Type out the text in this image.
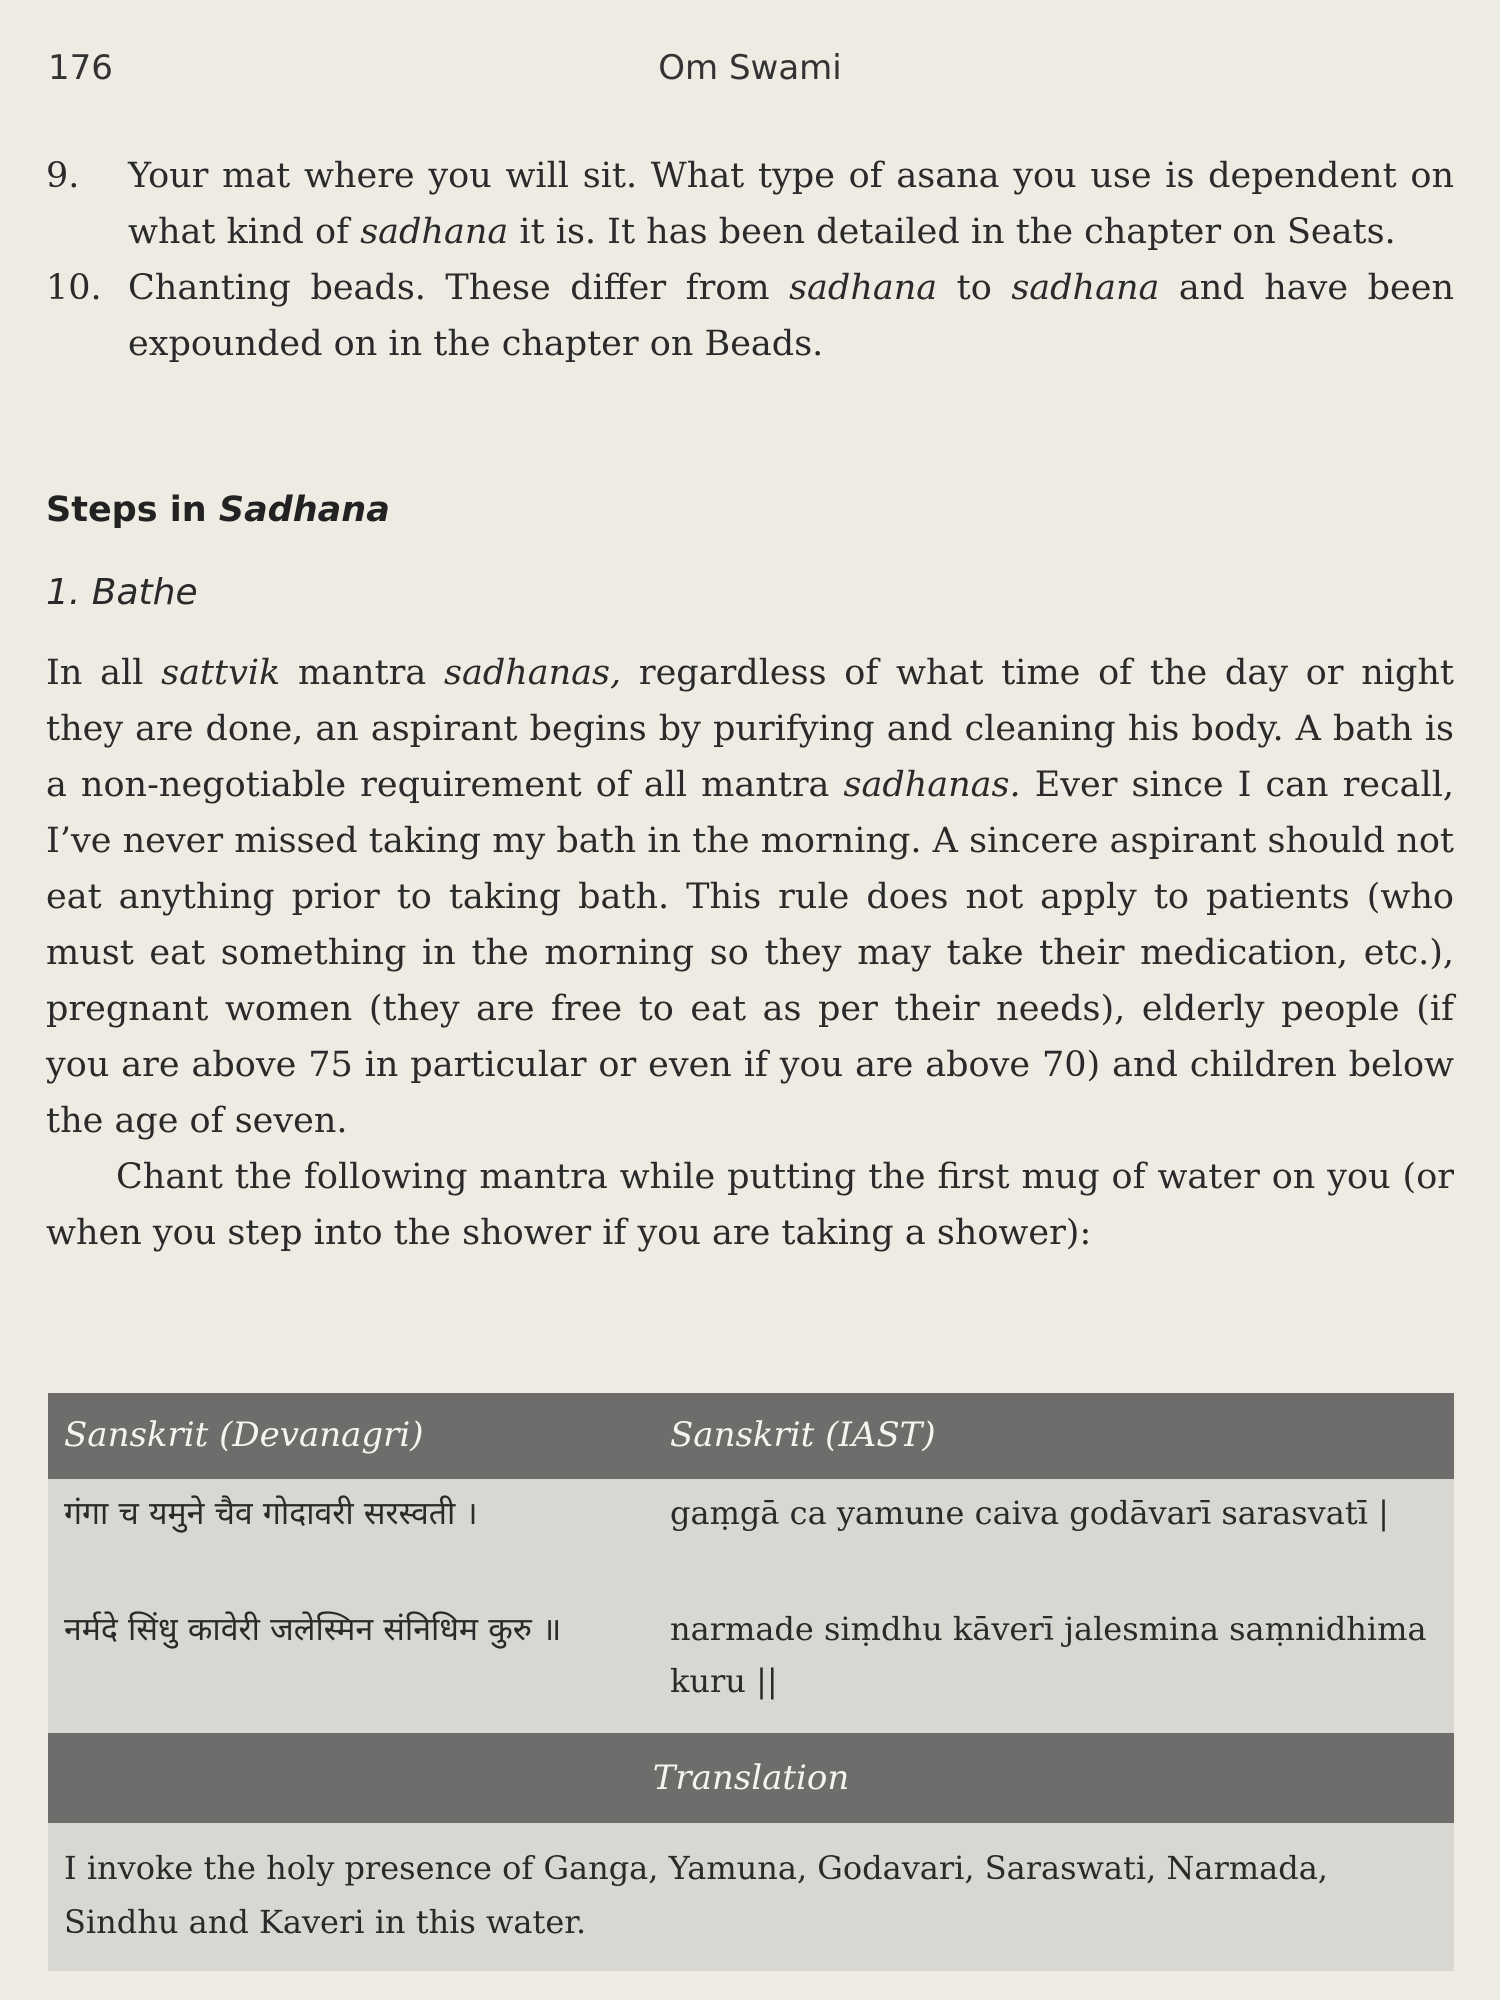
176	Om Swami
9. Your mat where you will sit. What type of asana you use is dependent on what kind of sadhana it is. It has been detailed in the chapter on Seats.
10. Chanting beads. These differ from sadhana to sadhana and have been expounded on in the chapter on Beads.
Steps in Sadhana
1. Bathe

In all sattvik mantra sadhanas, regardless of what time of the day or night they are done, an aspirant begins by purifying and cleaning his body. A bath is a non-negotiable requirement of all mantra sadhanas. Ever since I can recall, I’ve never missed taking my bath in the morning. A sincere aspirant should not eat anything prior to taking bath. This rule does not apply to patients (who must eat something in the morning so they may take their medication, etc.), pregnant women (they are free to eat as per their needs), elderly people (if you are above 75 in particular or even if you are above 70) and children below the age of seven.

Chant the following mantra while putting the first mug of water on you (or when you step into the shower if you are taking a shower):

Sanskrit (Devanagri)	Sanskrit (IAST)
गंगा च यमुने चैव गोदावरी सरस्वती ।	gaṃgā ca yamune caiva godāvarī sarasvatī |
नर्मदे सिंधु कावेरी जलेस्मिन संनिधिम कुरु ॥	narmade siṃdhu kāverī jalesmina saṃnidhima kuru ||
Translation
I invoke the holy presence of Ganga, Yamuna, Godavari, Saraswati, Narmada, Sindhu and Kaveri in this water.
